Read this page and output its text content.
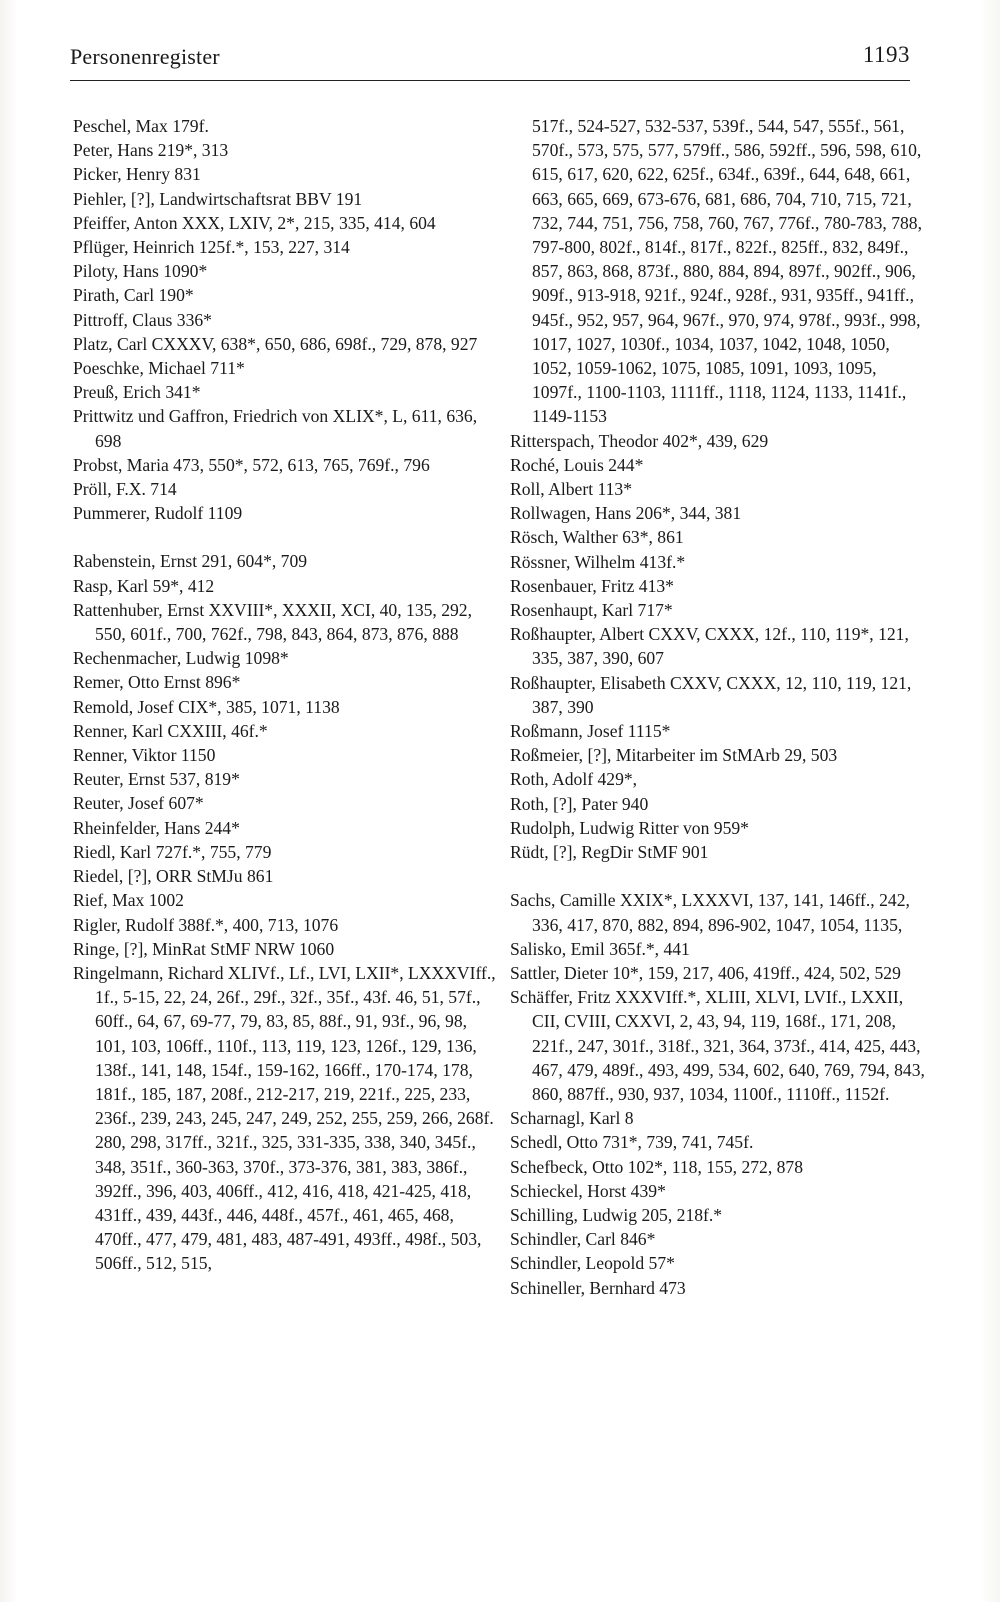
Personenregister	1193
Peschel, Max 179f.
Peter, Hans 219*, 313
Picker, Henry 831
Piehler, [?], Landwirtschaftsrat BBV 191
Pfeiffer, Anton XXX, LXIV, 2*, 215, 335, 414, 604
Pflüger, Heinrich 125f.*, 153, 227, 314
Piloty, Hans 1090*
Pirath, Carl 190*
Pittroff, Claus 336*
Platz, Carl CXXXV, 638*, 650, 686, 698f., 729, 878, 927
Poeschke, Michael 711*
Preuß, Erich 341*
Prittwitz und Gaffron, Friedrich von XLIX*, L, 611, 636, 698
Probst, Maria 473, 550*, 572, 613, 765, 769f., 796
Pröll, F.X. 714
Pummerer, Rudolf 1109
Rabenstein, Ernst 291, 604*, 709
Rasp, Karl 59*, 412
Rattenhuber, Ernst XXVIII*, XXXII, XCI, 40, 135, 292, 550, 601f., 700, 762f., 798, 843, 864, 873, 876, 888
Rechenmacher, Ludwig 1098*
Remer, Otto Ernst 896*
Remold, Josef CIX*, 385, 1071, 1138
Renner, Karl CXXIII, 46f.*
Renner, Viktor 1150
Reuter, Ernst 537, 819*
Reuter, Josef 607*
Rheinfelder, Hans 244*
Riedl, Karl 727f.*, 755, 779
Riedel, [?], ORR StMJu 861
Rief, Max 1002
Rigler, Rudolf 388f.*, 400, 713, 1076
Ringe, [?], MinRat StMF NRW 1060
Ringelmann, Richard XLIVf., Lf., LVI, LXII*, LXXXVIff., 1f., 5-15, 22, 24, 26f., 29f., 32f., 35f., 43f. 46, 51, 57f., 60ff., 64, 67, 69-77, 79, 83, 85, 88f., 91, 93f., 96, 98, 101, 103, 106ff., 110f., 113, 119, 123, 126f., 129, 136, 138f., 141, 148, 154f., 159-162, 166ff., 170-174, 178, 181f., 185, 187, 208f., 212-217, 219, 221f., 225, 233, 236f., 239, 243, 245, 247, 249, 252, 255, 259, 266, 268f. 280, 298, 317ff., 321f., 325, 331-335, 338, 340, 345f., 348, 351f., 360-363, 370f., 373-376, 381, 383, 386f., 392ff., 396, 403, 406ff., 412, 416, 418, 421-425, 418, 431ff., 439, 443f., 446, 448f., 457f., 461, 465, 468, 470ff., 477, 479, 481, 483, 487-491, 493ff., 498f., 503, 506ff., 512, 515,
517f., 524-527, 532-537, 539f., 544, 547, 555f., 561, 570f., 573, 575, 577, 579ff., 586, 592ff., 596, 598, 610, 615, 617, 620, 622, 625f., 634f., 639f., 644, 648, 661, 663, 665, 669, 673-676, 681, 686, 704, 710, 715, 721, 732, 744, 751, 756, 758, 760, 767, 776f., 780-783, 788, 797-800, 802f., 814f., 817f., 822f., 825ff., 832, 849f., 857, 863, 868, 873f., 880, 884, 894, 897f., 902ff., 906, 909f., 913-918, 921f., 924f., 928f., 931, 935ff., 941ff., 945f., 952, 957, 964, 967f., 970, 974, 978f., 993f., 998, 1017, 1027, 1030f., 1034, 1037, 1042, 1048, 1050, 1052, 1059-1062, 1075, 1085, 1091, 1093, 1095, 1097f., 1100-1103, 1111ff., 1118, 1124, 1133, 1141f., 1149-1153
Ritterspach, Theodor 402*, 439, 629
Roché, Louis 244*
Roll, Albert 113*
Rollwagen, Hans 206*, 344, 381
Rösch, Walther 63*, 861
Rössner, Wilhelm 413f.*
Rosenbauer, Fritz 413*
Rosenhaupt, Karl 717*
Roßhaupter, Albert CXXV, CXXX, 12f., 110, 119*, 121, 335, 387, 390, 607
Roßhaupter, Elisabeth CXXV, CXXX, 12, 110, 119, 121, 387, 390
Roßmann, Josef 1115*
Roßmeier, [?], Mitarbeiter im StMArb 29, 503
Roth, Adolf 429*,
Roth, [?], Pater 940
Rudolph, Ludwig Ritter von 959*
Rüdt, [?], RegDir StMF 901
Sachs, Camille XXIX*, LXXXVI, 137, 141, 146ff., 242, 336, 417, 870, 882, 894, 896-902, 1047, 1054, 1135,
Salisko, Emil 365f.*, 441
Sattler, Dieter 10*, 159, 217, 406, 419ff., 424, 502, 529
Schäffer, Fritz XXXVIff.*, XLIII, XLVI, LVIf., LXXII, CII, CVIII, CXXVI, 2, 43, 94, 119, 168f., 171, 208, 221f., 247, 301f., 318f., 321, 364, 373f., 414, 425, 443, 467, 479, 489f., 493, 499, 534, 602, 640, 769, 794, 843, 860, 887ff., 930, 937, 1034, 1100f., 1110ff., 1152f.
Scharnagl, Karl 8
Schedl, Otto 731*, 739, 741, 745f.
Schefbeck, Otto 102*, 118, 155, 272, 878
Schieckel, Horst 439*
Schilling, Ludwig 205, 218f.*
Schindler, Carl 846*
Schindler, Leopold 57*
Schineller, Bernhard 473
